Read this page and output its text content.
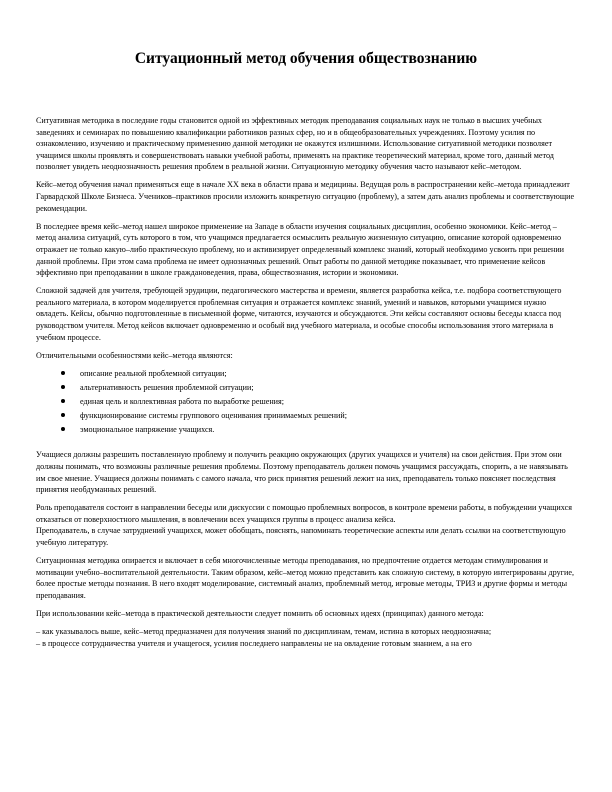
Ситуационный метод обучения обществознанию

Ситуативная методика в последние годы становится одной из эффективных методик преподавания социальных наук не только в высших учебных заведениях и семинарах по повышению квалификации работников разных сфер, но и в общеобразовательных учреждениях. Поэтому усилия по ознакомлению, изучению и практическому применению данной методики не окажутся излишними. Использование ситуативной методики позволяет учащимся школы проявлять и совершенствовать навыки учебной работы, применять на практике теоретический материал, кроме того, данный метод позволяет увидеть неоднозначность решения проблем в реальной жизни. Ситуационную методику обучения часто называют кейс–методом.

Кейс–метод обучения начал применяться еще в начале ХХ века в области права и медицины. Ведущая роль в распространении кейс–метода принадлежит Гарвардской Школе Бизнеса. Учеников–практиков просили изложить конкретную ситуацию (проблему), а затем дать анализ проблемы и соответствующие рекомендации.

В последнее время кейс–метод нашел широкое применение на Западе в области изучения социальных дисциплин, особенно экономики. Кейс–метод – метод анализа ситуаций, суть которого в том, что учащимся предлагается осмыслить реальную жизненную ситуацию, описание которой одновременно отражает не только какую–либо практическую проблему, но и активизирует определенный комплекс знаний, который необходимо усвоить при решении данной проблемы. При этом сама проблема не имеет однозначных решений. Опыт работы по данной методике показывает, что применение кейсов эффективно при преподавании в школе граждановедения, права, обществознания, истории и экономики.

Сложной задачей для учителя, требующей эрудиции, педагогического мастерства и времени, является разработка кейса, т.е. подбора соответствующего реального материала, в котором моделируется проблемная ситуация и отражается комплекс знаний, умений и навыков, которыми учащимся нужно овладеть. Кейсы, обычно подготовленные в письменной форме, читаются, изучаются и обсуждаются. Эти кейсы составляют основы беседы класса под руководством учителя. Метод кейсов включает одновременно и особый вид учебного материала, и особые способы использования этого материала в учебном процессе.

Отличительными особенностями кейс–метода являются:

описание реальной проблемной ситуации;
альтернативность решения проблемной ситуации;
единая цель и коллективная работа по выработке решения;
функционирование системы группового оценивания принимаемых решений;
эмоциональное напряжение учащихся.

Учащиеся должны разрешить поставленную проблему и получить реакцию окружающих (других учащихся и учителя) на свои действия. При этом они должны понимать, что возможны различные решения проблемы. Поэтому преподаватель должен помочь учащимся рассуждать, спорить, а не навязывать им свое мнение. Учащиеся должны понимать с самого начала, что риск принятия решений лежит на них, преподаватель только поясняет последствия принятия необдуманных решений.

Роль преподавателя состоит в направлении беседы или дискуссии с помощью проблемных вопросов, в контроле времени работы, в побуждении учащихся отказаться от поверхностного мышления, в вовлечении всех учащихся группы в процесс анализа кейса.

Преподаватель, в случае затруднений учащихся, может обобщать, пояснять, напоминать теоретические аспекты или делать ссылки на соответствующую учебную литературу.

Ситуационная методика опирается и включает в себя многочисленные методы преподавания, но предпочтение отдается методам стимулирования и мотивации учебно–воспитательной деятельности. Таким образом, кейс–метод можно представить как сложную систему, в которую интегрированы другие, более простые методы познания. В него входят моделирование, системный анализ, проблемный метод, игровые методы, ТРИЗ и другие формы и методы преподавания.

При использовании кейс–метода в практической деятельности следует помнить об основных идеях (принципах) данного метода:

– как указывалось выше, кейс–метод предназначен для получения знаний по дисциплинам, темам, истина в которых неоднозначна;

– в процессе сотрудничества учителя и учащегося, усилия последнего направлены не на овладение готовым знанием, а на его
